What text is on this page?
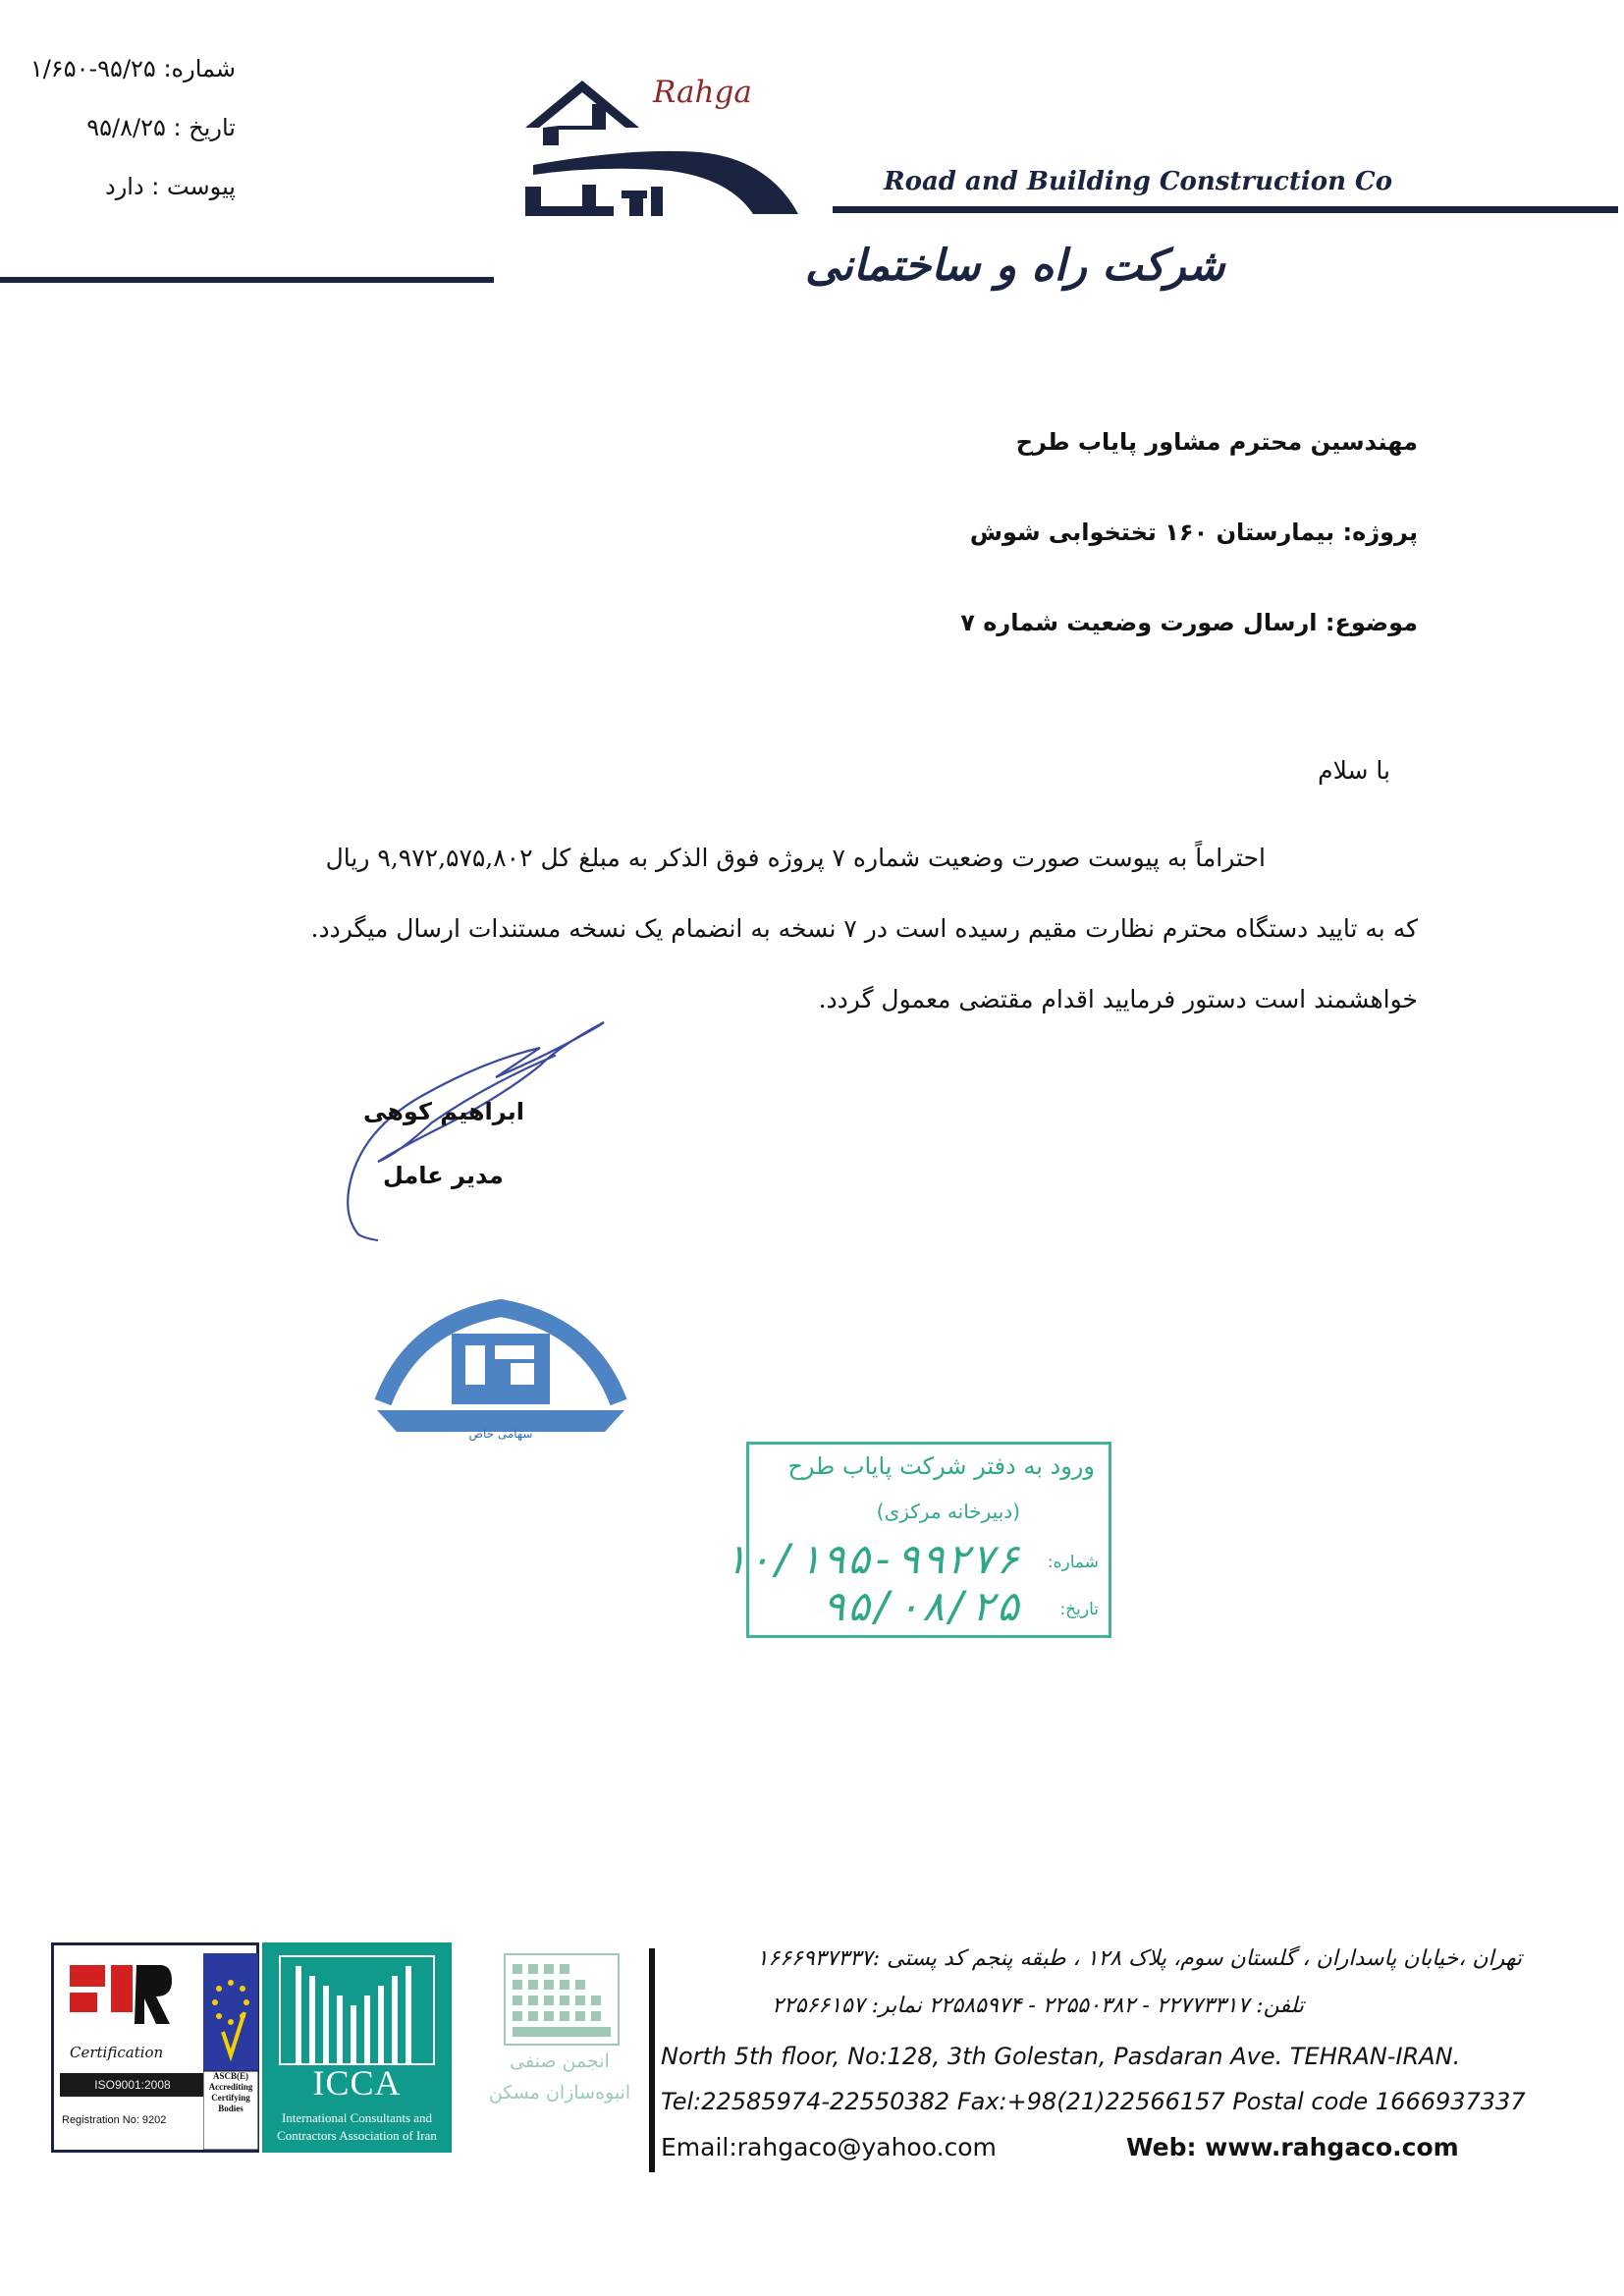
شماره: ۹۵/۲۵-۱/۶۵۰
تاریخ : ۹۵/۸/۲۵
پیوست : دارد
Rahga
Road and Building Construction Co
شرکت راه و ساختمانی
مهندسین محترم مشاور پایاب طرح
پروژه: بیمارستان ۱۶۰ تختخوابی شوش
موضوع: ارسال صورت وضعیت شماره ۷
با سلام
احتراماً به پیوست صورت وضعیت شماره ۷ پروژه فوق الذکر به مبلغ کل ۹,۹۷۲,۵۷۵,۸۰۲ ریال
که به تایید دستگاه محترم نظارت مقیم رسیده است در ۷ نسخه به انضمام یک نسخه مستندات ارسال میگردد.
خواهشمند است دستور فرمایید اقدام مقتضی معمول گردد.
ابراهیم کوهی
مدیر عامل
سهامی خاص
ورود به دفتر شرکت پایاب طرح
(دبیرخانه مرکزی)
شماره:
۱۰/۱۹۵-۹۹۲۷۶
تاریخ:
۹۵/۰۸/۲۵
Certification
ISO9001:2008
Registration No: 9202
ASCB(E)
Accrediting Certifying Bodies
ICCA
International Consultants and
Contractors Association of Iran
انجمن صنفی
انبوه‌سازان مسکن
تهران ،خیابان پاسداران ، گلستان سوم، پلاک ۱۲۸ ، طبقه پنجم کد پستی :۱۶۶۶۹۳۷۳۳۷
تلفن: ۲۲۷۷۳۳۱۷ - ۲۲۵۵۰۳۸۲ - ۲۲۵۸۵۹۷۴ نمابر: ۲۲۵۶۶۱۵۷
North 5th floor, No:128, 3th Golestan, Pasdaran Ave. TEHRAN-IRAN.
Tel:22585974-22550382 Fax:+98(21)22566157 Postal code 1666937337
Email:rahgaco@yahoo.com	Web: www.rahgaco.com
